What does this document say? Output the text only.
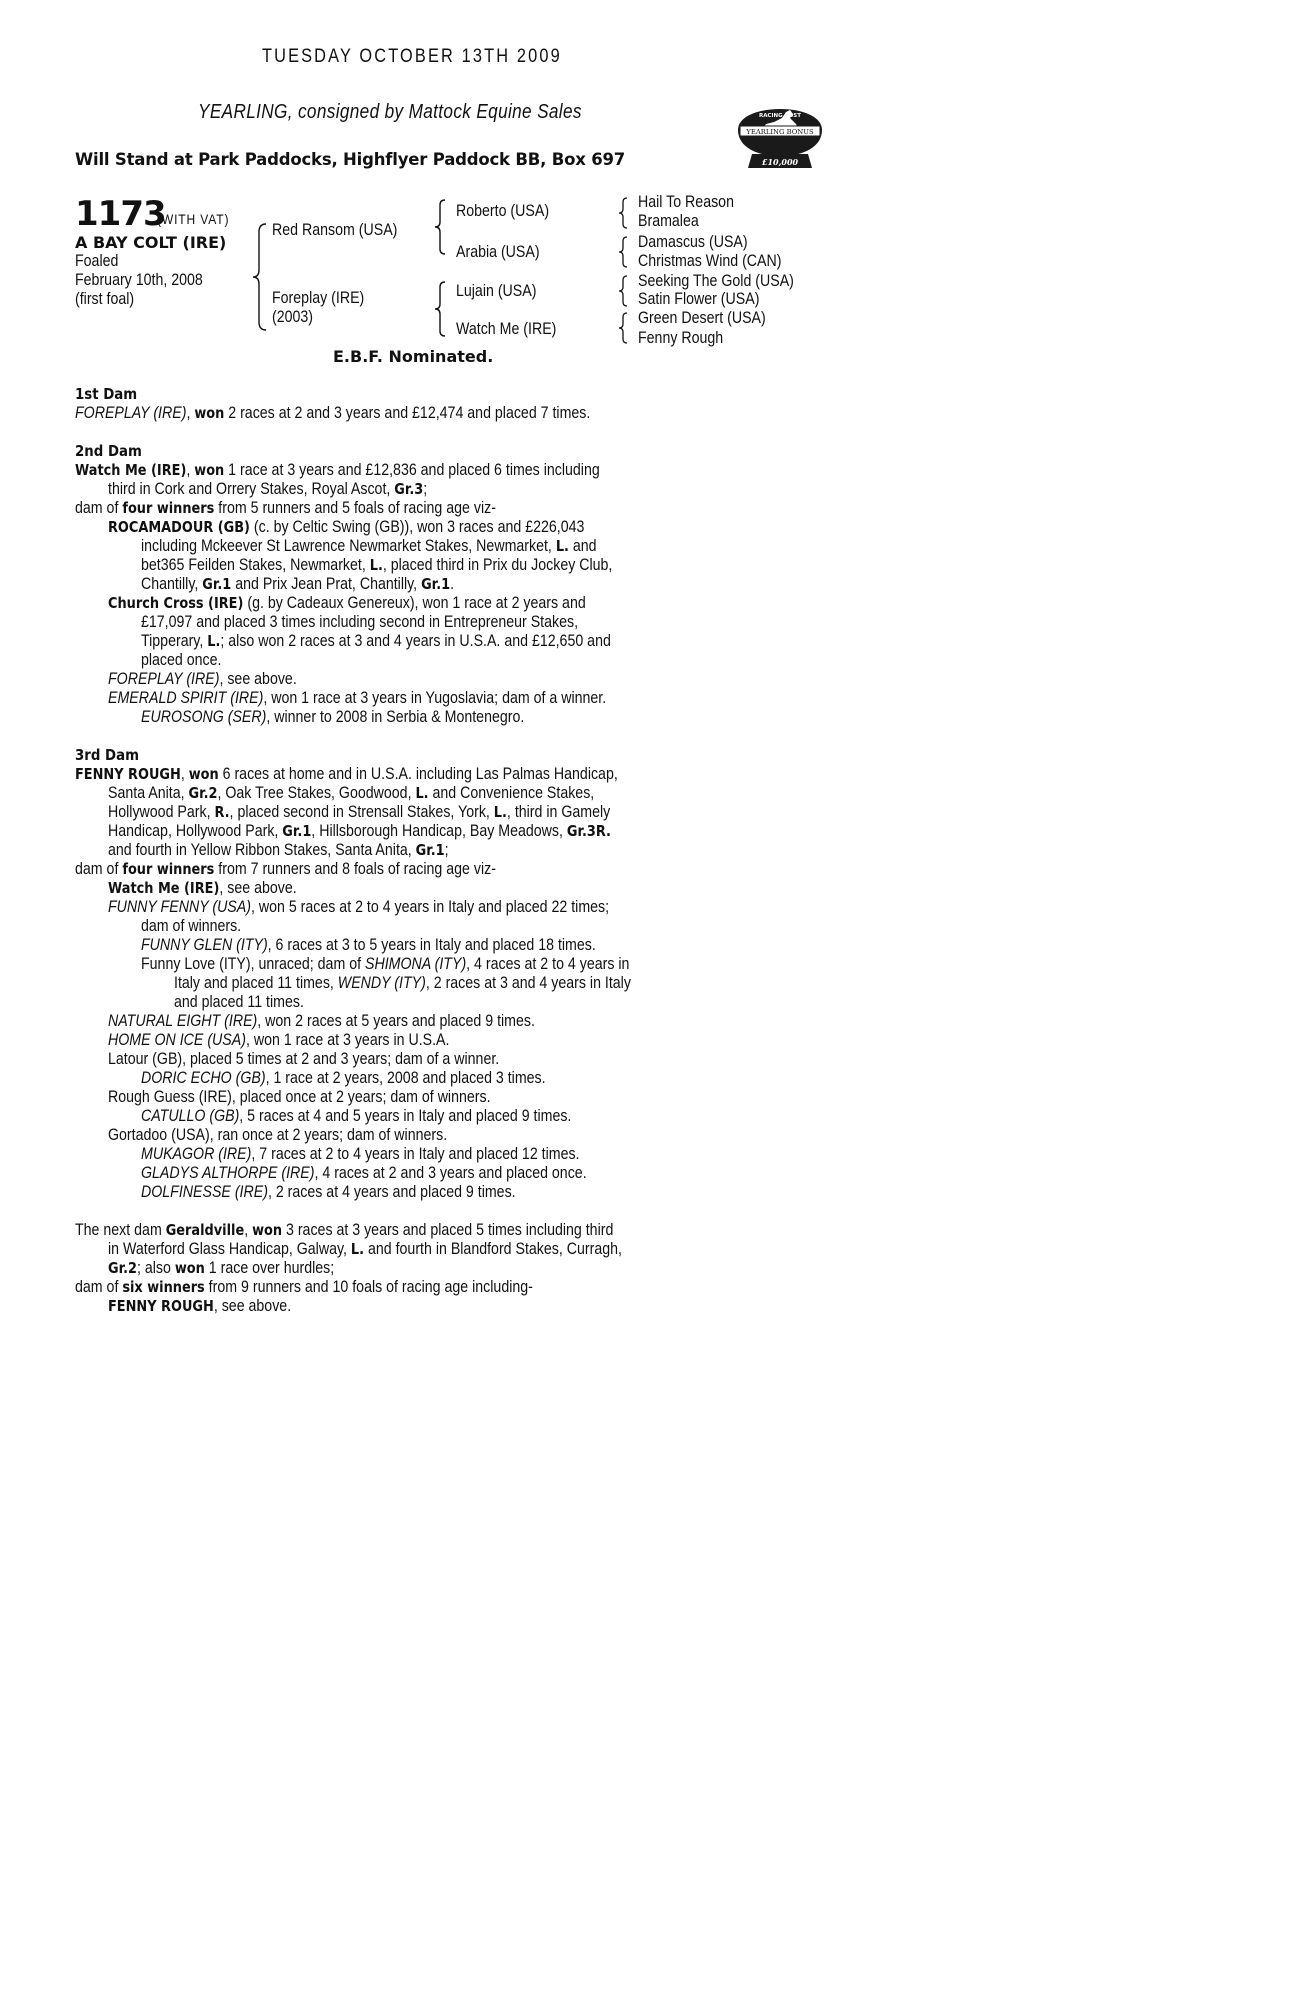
TUESDAY OCTOBER 13TH 2009
YEARLING, consigned by Mattock Equine Sales
Will Stand at Park Paddocks, Highflyer Paddock BB, Box 697
RACING POST
YEARLING BONUS
£10,000
1173
(WITH VAT)
A BAY COLT (IRE)
Foaled
February 10th, 2008
(first foal)
Red Ransom (USA)
Foreplay (IRE)
(2003)
Roberto (USA)
Arabia (USA)
Lujain (USA)
Watch Me (IRE)
Hail To Reason
Bramalea
Damascus (USA)
Christmas Wind (CAN)
Seeking The Gold (USA)
Satin Flower (USA)
Green Desert (USA)
Fenny Rough
E.B.F. Nominated.
1st Dam
FOREPLAY (IRE), won 2 races at 2 and 3 years and £12,474 and placed 7 times.
2nd Dam
Watch Me (IRE), won 1 race at 3 years and £12,836 and placed 6 times including
third in Cork and Orrery Stakes, Royal Ascot, Gr.3;
dam of four winners from 5 runners and 5 foals of racing age viz-
ROCAMADOUR (GB) (c. by Celtic Swing (GB)), won 3 races and £226,043
including Mckeever St Lawrence Newmarket Stakes, Newmarket, L. and
bet365 Feilden Stakes, Newmarket, L., placed third in Prix du Jockey Club,
Chantilly, Gr.1 and Prix Jean Prat, Chantilly, Gr.1.
Church Cross (IRE) (g. by Cadeaux Genereux), won 1 race at 2 years and
£17,097 and placed 3 times including second in Entrepreneur Stakes,
Tipperary, L.; also won 2 races at 3 and 4 years in U.S.A. and £12,650 and
placed once.
FOREPLAY (IRE), see above.
EMERALD SPIRIT (IRE), won 1 race at 3 years in Yugoslavia; dam of a winner.
EUROSONG (SER), winner to 2008 in Serbia & Montenegro.
3rd Dam
FENNY ROUGH, won 6 races at home and in U.S.A. including Las Palmas Handicap,
Santa Anita, Gr.2, Oak Tree Stakes, Goodwood, L. and Convenience Stakes,
Hollywood Park, R., placed second in Strensall Stakes, York, L., third in Gamely
Handicap, Hollywood Park, Gr.1, Hillsborough Handicap, Bay Meadows, Gr.3R.
and fourth in Yellow Ribbon Stakes, Santa Anita, Gr.1;
dam of four winners from 7 runners and 8 foals of racing age viz-
Watch Me (IRE), see above.
FUNNY FENNY (USA), won 5 races at 2 to 4 years in Italy and placed 22 times;
dam of winners.
FUNNY GLEN (ITY), 6 races at 3 to 5 years in Italy and placed 18 times.
Funny Love (ITY), unraced; dam of SHIMONA (ITY), 4 races at 2 to 4 years in
Italy and placed 11 times, WENDY (ITY), 2 races at 3 and 4 years in Italy
and placed 11 times.
NATURAL EIGHT (IRE), won 2 races at 5 years and placed 9 times.
HOME ON ICE (USA), won 1 race at 3 years in U.S.A.
Latour (GB), placed 5 times at 2 and 3 years; dam of a winner.
DORIC ECHO (GB), 1 race at 2 years, 2008 and placed 3 times.
Rough Guess (IRE), placed once at 2 years; dam of winners.
CATULLO (GB), 5 races at 4 and 5 years in Italy and placed 9 times.
Gortadoo (USA), ran once at 2 years; dam of winners.
MUKAGOR (IRE), 7 races at 2 to 4 years in Italy and placed 12 times.
GLADYS ALTHORPE (IRE), 4 races at 2 and 3 years and placed once.
DOLFINESSE (IRE), 2 races at 4 years and placed 9 times.
The next dam Geraldville, won 3 races at 3 years and placed 5 times including third
in Waterford Glass Handicap, Galway, L. and fourth in Blandford Stakes, Curragh,
Gr.2; also won 1 race over hurdles;
dam of six winners from 9 runners and 10 foals of racing age including-
FENNY ROUGH, see above.
